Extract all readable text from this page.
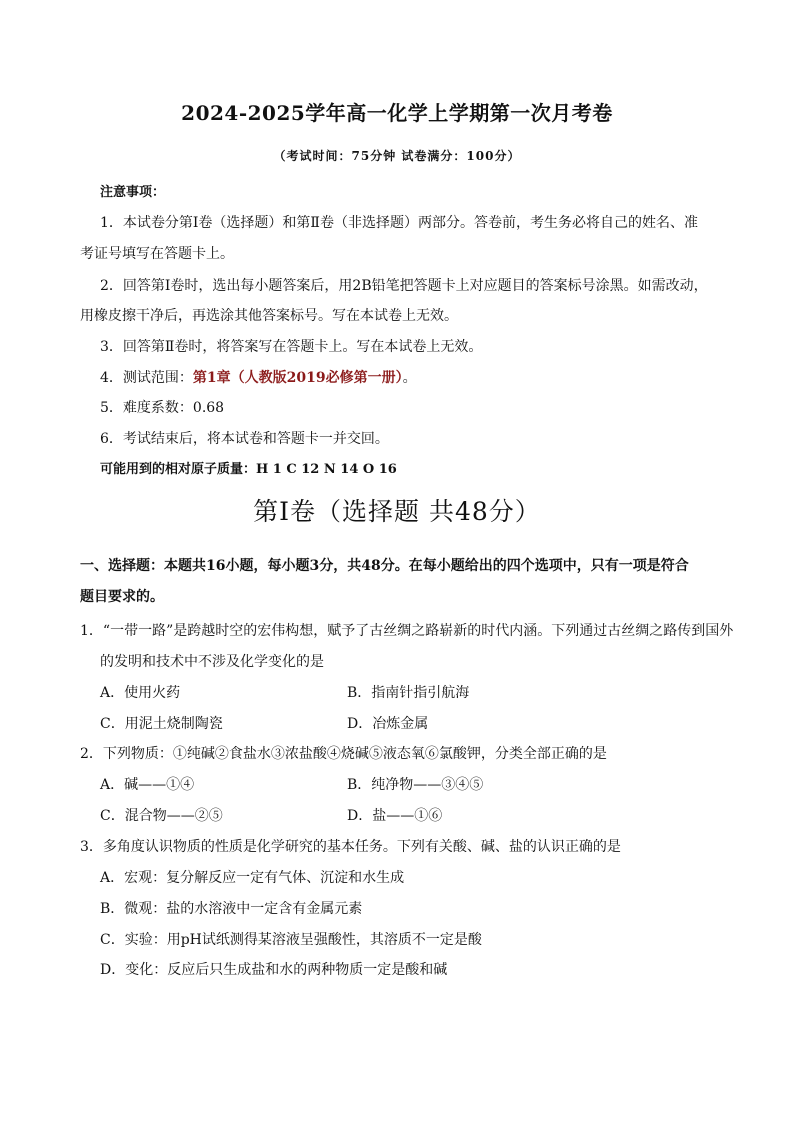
2024-2025学年高一化学上学期第一次月考卷
（考试时间：75分钟 试卷满分：100分）
注意事项：
1．本试卷分第Ⅰ卷（选择题）和第Ⅱ卷（非选择题）两部分。答卷前，考生务必将自己的姓名、准
考证号填写在答题卡上。
2．回答第Ⅰ卷时，选出每小题答案后，用2B铅笔把答题卡上对应题目的答案标号涂黑。如需改动，
用橡皮擦干净后，再选涂其他答案标号。写在本试卷上无效。
3．回答第Ⅱ卷时，将答案写在答题卡上。写在本试卷上无效。
4．测试范围：第1章（人教版2019必修第一册）。
5．难度系数：0.68
6．考试结束后，将本试卷和答题卡一并交回。
可能用到的相对原子质量：H 1 C 12 N 14 O 16
第Ⅰ卷（选择题 共48分）
一、选择题：本题共16小题，每小题3分，共48分。在每小题给出的四个选项中，只有一项是符合
题目要求的。
1．“一带一路”是跨越时空的宏伟构想，赋予了古丝绸之路崭新的时代内涵。下列通过古丝绸之路传到国外
的发明和技术中不涉及化学变化的是
A．使用火药	B．指南针指引航海
C．用泥土烧制陶瓷	D．冶炼金属
2．下列物质：①纯碱②食盐水③浓盐酸④烧碱⑤液态氧⑥氯酸钾，分类全部正确的是
A．碱——①④	B．纯净物——③④⑤
C．混合物——②⑤	D．盐——①⑥
3．多角度认识物质的性质是化学研究的基本任务。下列有关酸、碱、盐的认识正确的是
A．宏观：复分解反应一定有气体、沉淀和水生成
B．微观：盐的水溶液中一定含有金属元素
C．实验：用pH试纸测得某溶液呈强酸性，其溶质不一定是酸
D．变化：反应后只生成盐和水的两种物质一定是酸和碱
